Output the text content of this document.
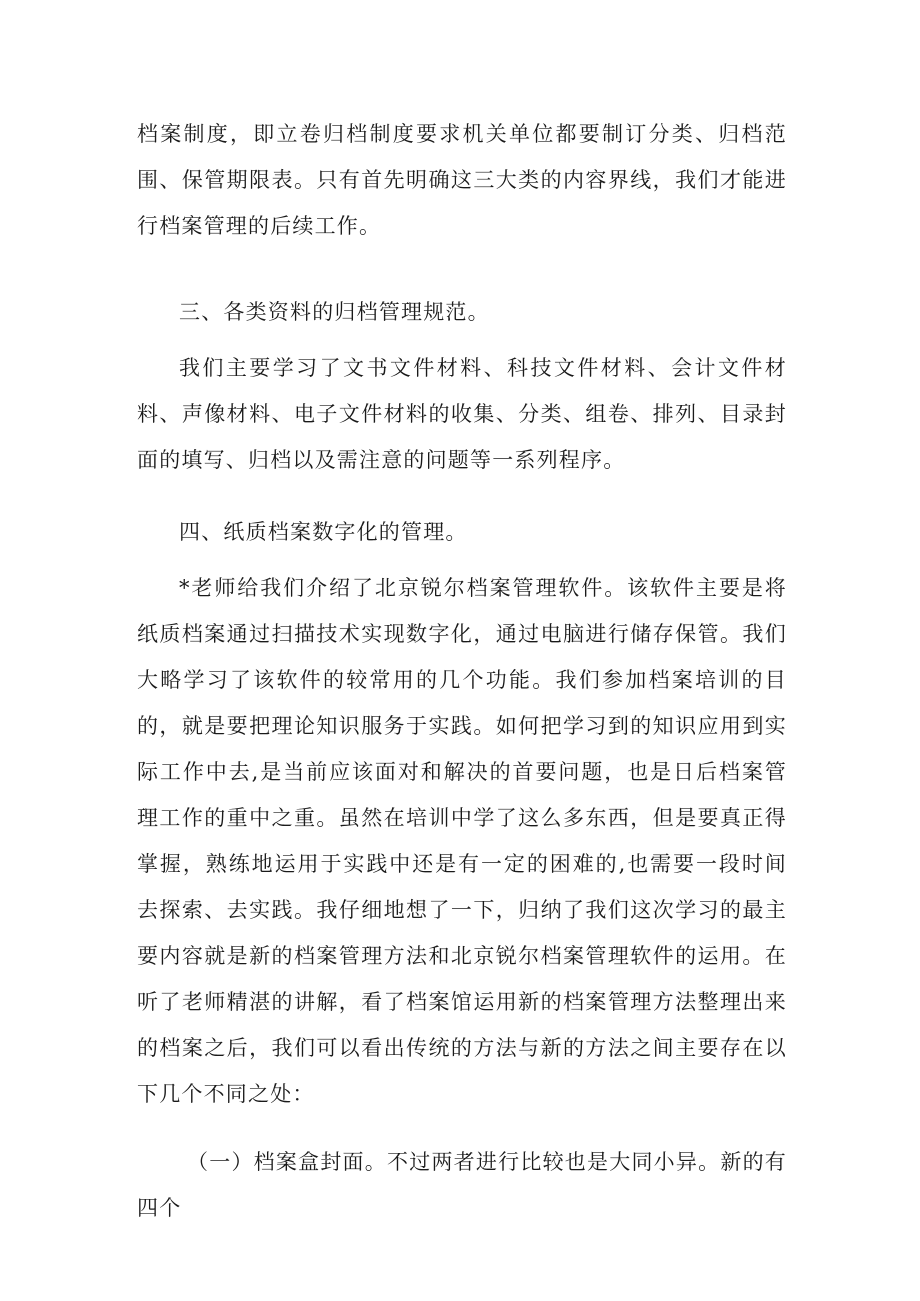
档案制度，即立卷归档制度要求机关单位都要制订分类、归档范围、保管期限表。只有首先明确这三大类的内容界线，我们才能进行档案管理的后续工作。

三、各类资料的归档管理规范。

我们主要学习了文书文件材料、科技文件材料、会计文件材料、声像材料、电子文件材料的收集、分类、组卷、排列、目录封面的填写、归档以及需注意的问题等一系列程序。

四、纸质档案数字化的管理。

*老师给我们介绍了北京锐尔档案管理软件。该软件主要是将纸质档案通过扫描技术实现数字化，通过电脑进行储存保管。我们大略学习了该软件的较常用的几个功能。我们参加档案培训的目的，就是要把理论知识服务于实践。如何把学习到的知识应用到实际工作中去,是当前应该面对和解决的首要问题，也是日后档案管理工作的重中之重。虽然在培训中学了这么多东西，但是要真正得掌握，熟练地运用于实践中还是有一定的困难的,也需要一段时间去探索、去实践。我仔细地想了一下，归纳了我们这次学习的最主要内容就是新的档案管理方法和北京锐尔档案管理软件的运用。在听了老师精湛的讲解，看了档案馆运用新的档案管理方法整理出来的档案之后，我们可以看出传统的方法与新的方法之间主要存在以下几个不同之处：

（一）档案盒封面。不过两者进行比较也是大同小异。新的有四个
